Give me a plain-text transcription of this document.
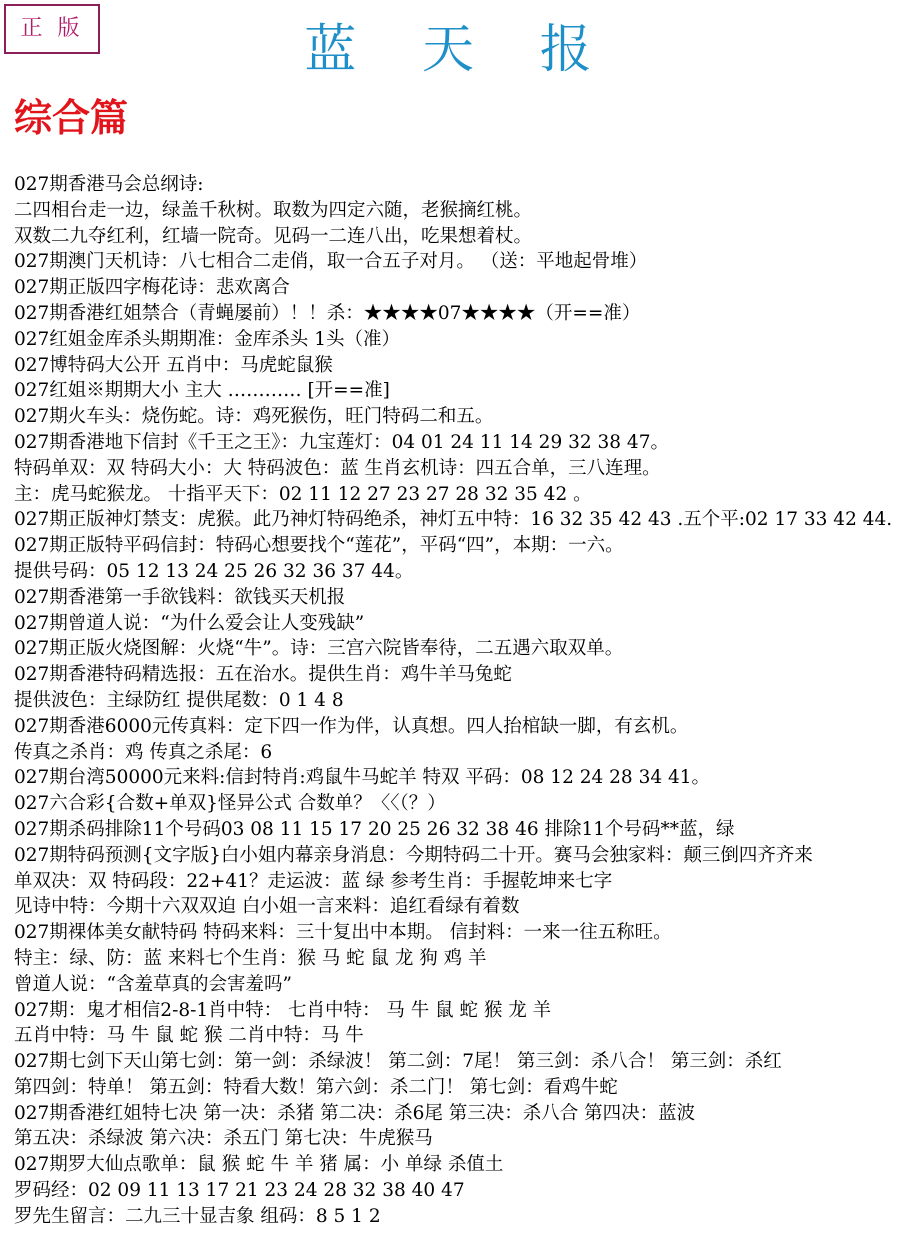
正 版	蓝   天   报
综合篇
027期香港马会总纲诗:
二四相台走一边，绿盖千秋树。取数为四定六随，老猴摘红桃。
双数二九夺红利，红墙一院奇。见码一二连八出，吃果想着杖。
027期澳门天机诗：八七相合二走俏，取一合五子对月。 （送：平地起骨堆）
027期正版四字梅花诗：悲欢离合
027期香港红姐禁合（青蝇屡前）！！杀：★★★★07★★★★（开==准）
027红姐金库杀头期期准：金库杀头 1头（准）
027博特码大公开 五肖中：马虎蛇鼠猴
027红姐※期期大小 主大 ………… [开==准]
027期火车头：烧伤蛇。诗：鸡死猴伤，旺门特码二和五。
027期香港地下信封《千王之王》：九宝莲灯：04 01 24 11 14 29 32 38 47。
特码单双：双 特码大小：大 特码波色：蓝 生肖玄机诗：四五合单，三八连理。
主：虎马蛇猴龙。 十指平天下：02 11 12 27 23 27 28 32 35 42 。
027期正版神灯禁支：虎猴。此乃神灯特码绝杀，神灯五中特：16 32 35 42 43 .五个平:02 17 33 42 44.
027期正版特平码信封：特码心想要找个“莲花”，平码“四”，本期：一六。
提供号码：05 12 13 24 25 26 32 36 37 44。
027期香港第一手欲钱料：欲钱买天机报
027期曾道人说：“为什么爱会让人变残缺”
027期正版火烧图解：火烧“牛”。诗：三宫六院皆奉待，二五遇六取双单。
027期香港特码精选报：五在治水。提供生肖：鸡牛羊马兔蛇
提供波色：主绿防红 提供尾数：0 1 4 8
027期香港6000元传真料：定下四一作为伴，认真想。四人抬棺缺一脚，有玄机。
传真之杀肖：鸡 传真之杀尾：6
027期台湾50000元来料:信封特肖:鸡鼠牛马蛇羊 特双 平码：08 12 24 28 34 41。
027六合彩{合数+单双}怪异公式 合数单？〈〈（？）
027期杀码排除11个号码03 08 11 15 17 20 25 26 32 38 46 排除11个号码**蓝，绿
027期特码预测{文字版}白小姐内幕亲身消息：今期特码二十开。赛马会独家料：颠三倒四齐齐来
单双决：双 特码段：22+41？走运波：蓝 绿 参考生肖：手握乾坤来七字
见诗中特：今期十六双双迫 白小姐一言来料：追红看绿有着数
027期裸体美女献特码 特码来料：三十复出中本期。 信封料：一来一往五称旺。
特主：绿、防：蓝 来料七个生肖：猴 马 蛇 鼠 龙 狗 鸡 羊
曾道人说：“含羞草真的会害羞吗”
027期：鬼才相信2-8-1肖中特： 七肖中特： 马 牛 鼠 蛇 猴 龙 羊
五肖中特：马 牛 鼠 蛇 猴 二肖中特：马 牛
027期七剑下天山第七剑：第一剑：杀绿波！ 第二剑：7尾！ 第三剑：杀八合！ 第三剑：杀红
第四剑：特单！ 第五剑：特看大数！第六剑：杀二门！ 第七剑：看鸡牛蛇
027期香港红姐特七决 第一决：杀猪 第二决：杀6尾 第三决：杀八合 第四决：蓝波
第五决：杀绿波 第六决：杀五门 第七决：牛虎猴马
027期罗大仙点歌单：鼠 猴 蛇 牛 羊 猪 属：小 单绿 杀值土
罗码经：02 09 11 13 17 21 23 24 28 32 38 40 47
罗先生留言：二九三十显吉象 组码：8 5 1 2
